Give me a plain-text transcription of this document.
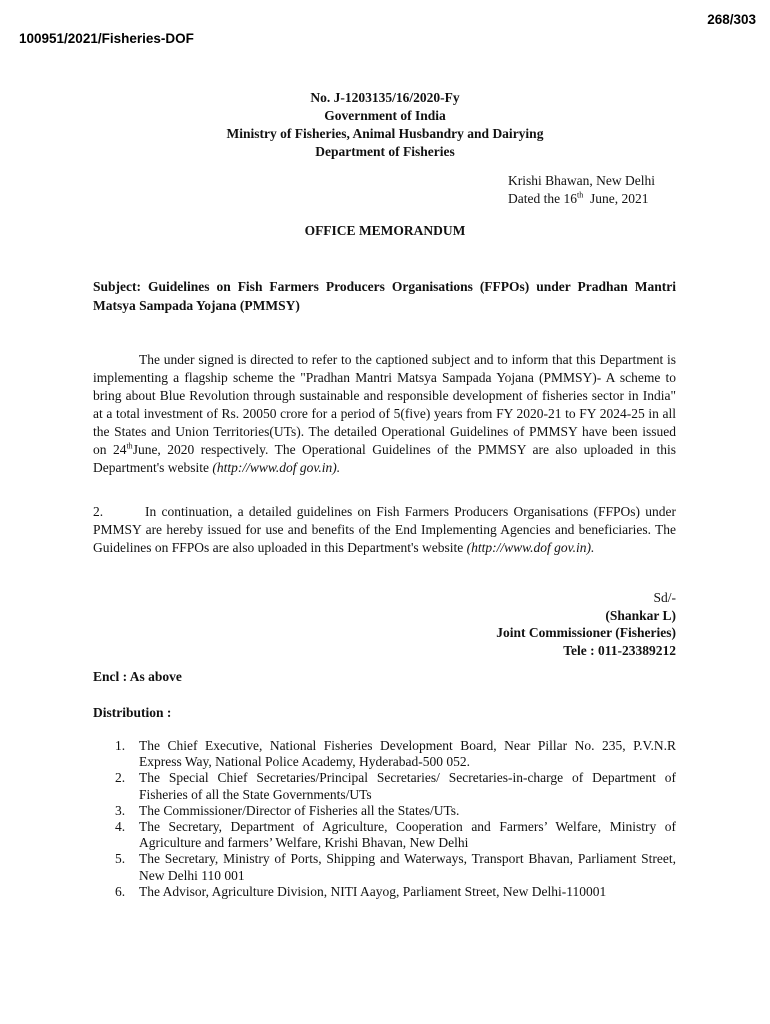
268/303
100951/2021/Fisheries-DOF
No. J-1203135/16/2020-Fy
Government of India
Ministry of Fisheries, Animal Husbandry and Dairying
Department of Fisheries
Krishi Bhawan, New Delhi
Dated the 16th  June, 2021
OFFICE MEMORANDUM
Subject: Guidelines on Fish Farmers Producers Organisations (FFPOs) under Pradhan Mantri Matsya Sampada Yojana (PMMSY)

The under signed is directed to refer to the captioned subject and to inform that this Department is implementing a flagship scheme the "Pradhan Mantri Matsya Sampada Yojana (PMMSY)- A scheme to bring about Blue Revolution through sustainable and responsible development of fisheries sector in India" at a total investment of Rs. 20050 crore for a period of 5(five) years from FY 2020-21 to FY 2024-25 in all the States and Union Territories(UTs). The detailed Operational Guidelines of PMMSY have been issued on 24thJune, 2020 respectively. The Operational Guidelines of the PMMSY are also uploaded in this Department's website (http://www.dof gov.in).

2.	In continuation, a detailed guidelines on Fish Farmers Producers Organisations (FFPOs) under PMMSY are hereby issued for use and benefits of the End Implementing Agencies and beneficiaries. The Guidelines on FFPOs are also uploaded in this Department's website (http://www.dof gov.in).

Sd/-
(Shankar L)
Joint Commissioner (Fisheries)
Tele : 011-23389212
Encl : As above
Distribution :
1. The Chief Executive, National Fisheries Development Board, Near Pillar No. 235, P.V.N.R Express Way, National Police Academy, Hyderabad-500 052.
2. The Special Chief Secretaries/Principal Secretaries/ Secretaries-in-charge of Department of Fisheries of all the State Governments/UTs
3. The Commissioner/Director of Fisheries all the States/UTs.
4. The Secretary, Department of Agriculture, Cooperation and Farmers’ Welfare, Ministry of Agriculture and farmers’ Welfare, Krishi Bhavan, New Delhi
5. The Secretary, Ministry of Ports, Shipping and Waterways, Transport Bhavan, Parliament Street, New Delhi 110 001
6. The Advisor, Agriculture Division, NITI Aayog, Parliament Street, New Delhi-110001
